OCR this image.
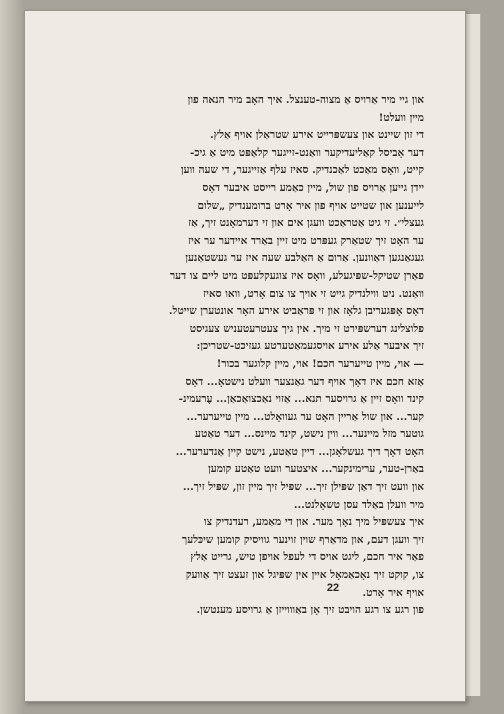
און גיי מיר אַרויס אַ מצוה-טענצל. איך האָב מיר הנאה פון
מיין וועלט!
די זון שיינט און צעשפּרייט אירע שטראַלן אויף אַלץ.
דער אָביסל קאַליעדיקער וואַנט-זייגער קלאַפּט מיט אַ גיכ-
קייט, וואָס מאַכט לאַכנדיק. סאיז עלף אַזייגער, די שעה ווען
יידן גייען אַרויס פון שול, מיין כאַמע רייסט איבער דאָס
לייענען און שטייט אויף פון איר אָרט ברומענדיק „שלום
געצלי״. זי גיט אַטראַכט וועגן אים און זי דערמאָנט זיך, אַז
ער האָט זיך שטאַרק געפּרט מיט זיין באַרד איידער ער איז
געגאַנגען דאַוונען. אַרום אַ האַלבע שעה איז ער געשטאַנען
פאַרן שטיקל-שפּיגעלע, וואָס איז צוגעקלעפּט מיט ליים צו דער
וואַנט. ניט ווילנדיק גייט זי אויך צו צום אָרט, וואו סאיז
דאָס אָפּגעריבן גלאָז און זי פּראַביט אירע האָר אונטערן שייטל.
פלוצלינג דערשפּירט זי מיך. אין גיך צעטרעטעניש צעגיסט
זיך איבער אַלע אירע אויסגעמאַטערטע געזיכט-שטריכן:
— אוי, מיין טייערער חכם! אוי, מיין קלוגער בכור!
אַזא חכם איז דאָך אויף דער גאַנצער וועלט נישטאָ... דאָס
קינד וואָס זיין אַ גרויסער תנא... אַזוי נאַכצואַכאַן... עֶרעמינ-
קער... און שול אַריין האָט ער געוואָלט... מיין טייערער...
גוטער מזל מיינער... ווין נישט, קינד מיינס... דער טאַטע
האָט דאָך דיך געשלאָגן... דיין טאַטע, נישט קיין אַנדערער...
באַרן-טער, ערימינקער... איצטער וועט טאַטע קומען
און וועט זיך דאַן שפּילן זיך... שפּיל זיך מיין זון, שפּיל זיך...
מיר וועלן באַלד עסן טשאָלנט...
איך צעשפּיל מיך נאָך מער. און די מאַמע, רעדנדיק צו
זיך וועגן דעם, און מדאַרף שוין זוינער גוויסיק קומען שיכּלעך
פאַר איר חכם, ליגט אויס די לעפל אויפן טיש, גרייט אַלץ
צו, קוקט זיך נאָכאַמאָל איין אין שפּיגל און זעצט זיך אַוועק
אויף איר אָרט.
פון רגע צו רגע הויבט זיך אָן באַוווייזן אַ גרויסע מענטשן.
22
